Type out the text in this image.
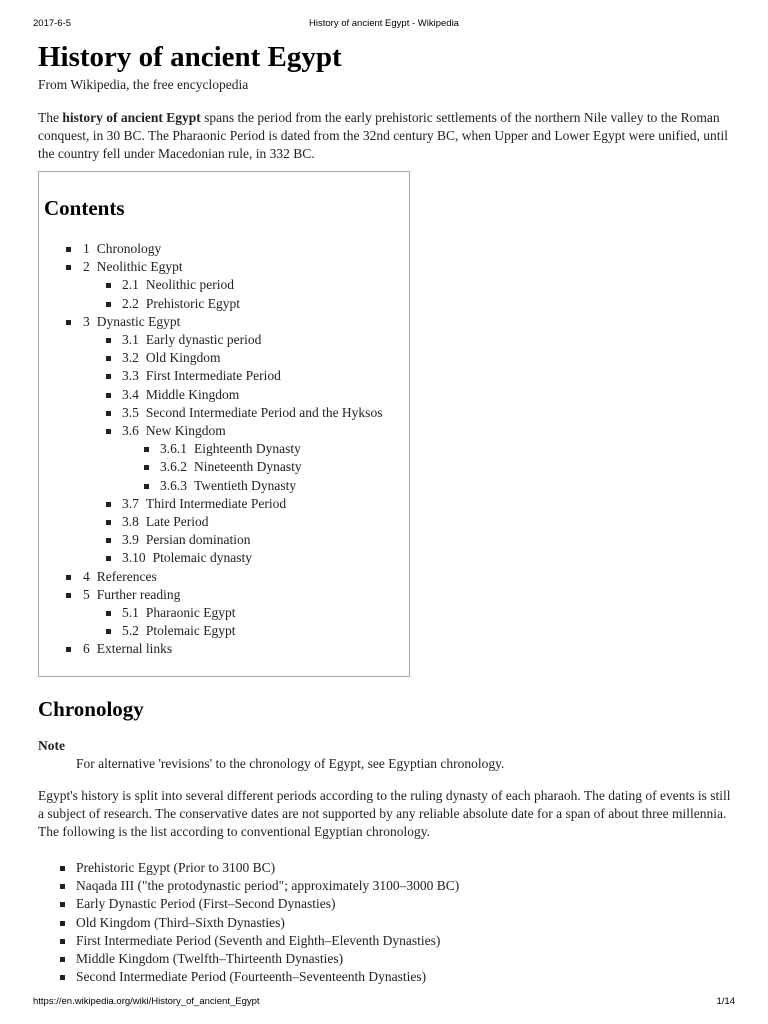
2017-6-5	History of ancient Egypt - Wikipedia
History of ancient Egypt

From Wikipedia, the free encyclopedia

The history of ancient Egypt spans the period from the early prehistoric settlements of the northern Nile valley to the Roman conquest, in 30 BC. The Pharaonic Period is dated from the 32nd century BC, when Upper and Lower Egypt were unified, until the country fell under Macedonian rule, in 332 BC.

Contents
1 Chronology
2 Neolithic Egypt
2.1 Neolithic period
2.2 Prehistoric Egypt
3 Dynastic Egypt
3.1 Early dynastic period
3.2 Old Kingdom
3.3 First Intermediate Period
3.4 Middle Kingdom
3.5 Second Intermediate Period and the Hyksos
3.6 New Kingdom
3.6.1 Eighteenth Dynasty
3.6.2 Nineteenth Dynasty
3.6.3 Twentieth Dynasty
3.7 Third Intermediate Period
3.8 Late Period
3.9 Persian domination
3.10 Ptolemaic dynasty
4 References
5 Further reading
5.1 Pharaonic Egypt
5.2 Ptolemaic Egypt
6 External links
Chronology
Note
For alternative 'revisions' to the chronology of Egypt, see Egyptian chronology.

Egypt's history is split into several different periods according to the ruling dynasty of each pharaoh. The dating of events is still a subject of research. The conservative dates are not supported by any reliable absolute date for a span of about three millennia. The following is the list according to conventional Egyptian chronology.

Prehistoric Egypt (Prior to 3100 BC)
Naqada III ("the protodynastic period"; approximately 3100–3000 BC)
Early Dynastic Period (First–Second Dynasties)
Old Kingdom (Third–Sixth Dynasties)
First Intermediate Period (Seventh and Eighth–Eleventh Dynasties)
Middle Kingdom (Twelfth–Thirteenth Dynasties)
Second Intermediate Period (Fourteenth–Seventeenth Dynasties)
https://en.wikipedia.org/wiki/History_of_ancient_Egypt	1/14
